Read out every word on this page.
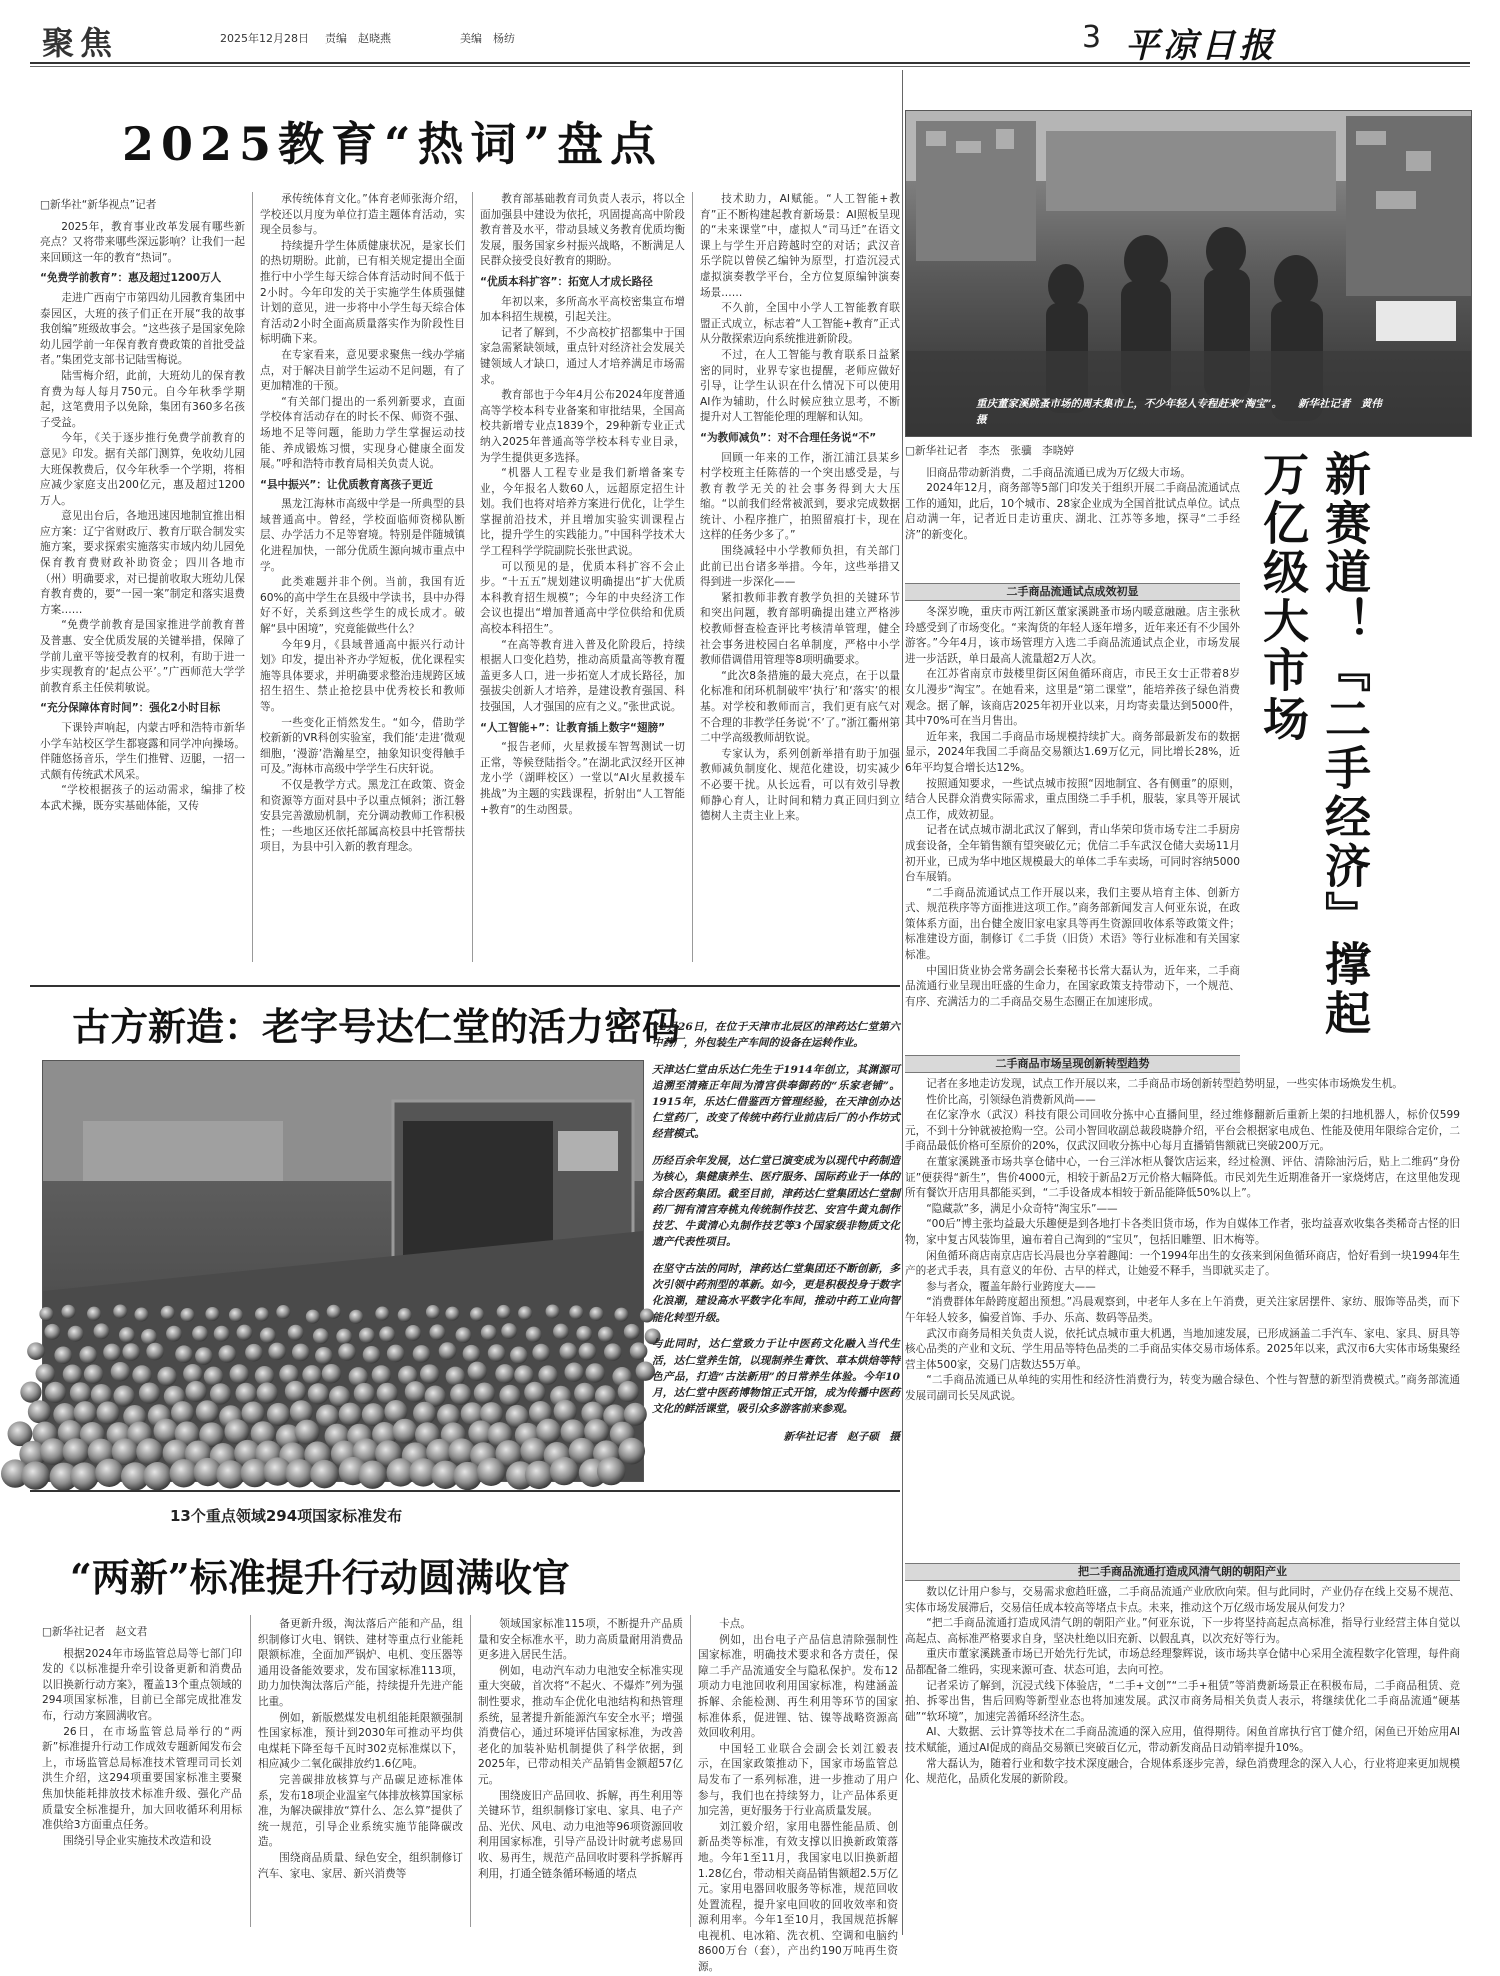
聚焦	2025年12月28日 责编　赵晓燕	美编　杨纺	3 平凉日报
2025教育“热词”盘点

□新华社“新华视点”记者

2025年，教育事业改革发展有哪些新亮点？又将带来哪些深远影响？让我们一起来回顾这一年的教育“热词”。

“免费学前教育”：惠及超过1200万人

走进广西南宁市第四幼儿园教育集团中泰园区，大班的孩子们正在开展“我的故事我创编”班级故事会。“这些孩子是国家免除幼儿园学前一年保育教育费政策的首批受益者。”集团党支部书记陆雪梅说。

陆雪梅介绍，此前，大班幼儿的保育教育费为每人每月750元。自今年秋季学期起，这笔费用予以免除，集团有360多名孩子受益。

今年，《关于逐步推行免费学前教育的意见》印发。据有关部门测算，免收幼儿园大班保教费后，仅今年秋季一个学期，将相应减少家庭支出200亿元，惠及超过1200万人。

意见出台后，各地迅速因地制宜推出相应方案：辽宁省财政厅、教育厅联合制发实施方案，要求探索实施落实市域内幼儿园免保育教育费财政补助资金；四川各地市（州）明确要求，对已提前收取大班幼儿保育教育费的，要“一园一案”制定和落实退费方案……

“免费学前教育是国家推进学前教育普及普惠、安全优质发展的关键举措，保障了学前儿童平等接受教育的权利，有助于进一步实现教育的‘起点公平’。”广西师范大学学前教育系主任侯莉敏说。

“充分保障体育时间”：强化2小时目标

下课铃声响起，内蒙古呼和浩特市新华小学车站校区学生都寝露和同学冲向操场。伴随悠扬音乐，学生们推臂、迈腿，一招一式颇有传统武术风采。

“学校根据孩子的运动需求，编排了校本武术操，既夯实基础体能，又传

承传统体育文化。”体育老师张海介绍，学校还以月度为单位打造主题体育活动，实现全员参与。

持续提升学生体质健康状况，是家长们的热切期盼。此前，已有相关规定提出全面推行中小学生每天综合体育活动时间不低于2小时。今年印发的关于实施学生体质强健计划的意见，进一步将中小学生每天综合体育活动2小时全面高质量落实作为阶段性目标明确下来。

在专家看来，意见要求聚焦一线办学痛点，对于解决目前学生运动不足问题，有了更加精准的干预。

“有关部门提出的一系列新要求，直面学校体育活动存在的时长不保、师资不强、场地不足等问题，能助力学生掌握运动技能、养成锻炼习惯，实现身心健康全面发展。”呼和浩特市教育局相关负责人说。

“县中振兴”：让优质教育离孩子更近

黑龙江海林市高级中学是一所典型的县域普通高中。曾经，学校面临师资梯队断层、办学活力不足等窘境。特别是伴随城镇化进程加快，一部分优质生源向城市重点中学。

此类难题并非个例。当前，我国有近60%的高中学生在县级中学读书，县中办得好不好，关系到这些学生的成长成才。破解“县中困境”，究竟能做些什么？

今年9月，《县域普通高中振兴行动计划》印发，提出补齐办学短板，优化课程实施等具体要求，并明确要求整治违规跨区域招生招生、禁止抢挖县中优秀校长和教师等。

一些变化正悄然发生。“如今，借助学校新新的VR科创实验室，我们能‘走进’微观细胞，‘漫游’浩瀚星空，抽象知识变得触手可及。”海林市高级中学学生石庆轩说。

不仅是教学方式。黑龙江在政策、资金和资源等方面对县中予以重点倾斜；浙江磐安县完善激励机制，充分调动教师工作积极性；一些地区还依托部属高校县中托管帮扶项目，为县中引入新的教育理念。

教育部基础教育司负责人表示，将以全面加强县中建设为依托，巩固提高高中阶段教育普及水平，带动县域义务教育优质均衡发展，服务国家乡村振兴战略，不断满足人民群众接受良好教育的期盼。

“优质本科扩容”：拓宽人才成长路径

年初以来，多所高水平高校密集宣布增加本科招生规模，引起关注。

记者了解到，不少高校扩招都集中于国家急需紧缺领域，重点针对经济社会发展关键领域人才缺口，通过人才培养满足市场需求。

教育部也于今年4月公布2024年度普通高等学校本科专业备案和审批结果，全国高校共新增专业点1839个，29种新专业正式纳入2025年普通高等学校本科专业目录，为学生提供更多选择。

“机器人工程专业是我们新增备案专业，今年报名人数60人，远超原定招生计划。我们也将对培养方案进行优化，让学生掌握前沿技术，并且增加实验实训课程占比，提升学生的实践能力。”中国科学技术大学工程科学学院副院长张世武说。

可以预见的是，优质本科扩容不会止步。“十五五”规划建议明确提出“扩大优质本科教育招生规模”；今年的中央经济工作会议也提出“增加普通高中学位供给和优质高校本科招生”。

“在高等教育进入普及化阶段后，持续根据人口变化趋势，推动高质量高等教育覆盖更多人口，进一步拓宽人才成长路径，加强拔尖创新人才培养，是建设教育强国、科技强国，人才强国的应有之义。”张世武说。

“人工智能+”：让教育插上数字“翅膀”

“报告老师，火星救援车智驾测试一切正常，等候登陆指令。”在湖北武汉经开区神龙小学（湖畔校区）一堂以“AI火星救援车挑战”为主题的实践课程，折射出“人工智能+教育”的生动图景。

技术助力，AI赋能。“人工智能+教育”正不断构建起教育新场景：AI照板呈现的“未来课堂”中，虚拟人“司马迁”在语文课上与学生开启跨越时空的对话；武汉音乐学院以曾侯乙编钟为原型，打造沉浸式虚拟演奏教学平台，全方位复原编钟演奏场景……

不久前，全国中小学人工智能教育联盟正式成立，标志着“人工智能+教育”正式从分散探索迈向系统推进新阶段。

不过，在人工智能与教育联系日益紧密的同时，业界专家也提醒，老师应做好引导，让学生认识在什么情况下可以使用AI作为辅助，什么时候应独立思考，不断提升对人工智能伦理的理解和认知。

“为教师减负”：对不合理任务说“不”

回顾一年来的工作，浙江浦江县某乡村学校班主任陈蓓的一个突出感受是，与教育教学无关的社会事务得到大大压缩。“以前我们经常被派到，要求完成数据统计、小程序推广，拍照留痕打卡，现在这样的任务少多了。”

围绕减轻中小学教师负担，有关部门此前已出台诸多举措。今年，这些举措又得到进一步深化——

紧扣教师非教育教学负担的关键环节和突出问题，教育部明确提出建立严格涉校教师督查检查评比考核清单管理，健全社会事务进校园白名单制度，严格中小学教师借调借用管理等8项明确要求。

“此次8条措施的最大亮点，在于以量化标准和闭环机制破牢‘执行’和‘落实’的根基。对学校和教师而言，我们更有底气对不合理的非教学任务说‘不’了。”浙江衢州第二中学高级教师胡钦说。

专家认为，系列创新举措有助于加强教师减负制度化、规范化建设，切实减少不必要干扰。从长远看，可以有效引导教师静心育人，让时间和精力真正回归到立德树人主责主业上来。

重庆董家溪跳蚤市场的周末集市上，不少年轻人专程赶来“淘宝”。　　新华社记者　黄伟摄

□新华社记者　李杰　张骥　李晓婷

旧商品带动新消费，二手商品流通已成为万亿级大市场。

2024年12月，商务部等5部门印发关于组织开展二手商品流通试点工作的通知，此后，10个城市、28家企业成为全国首批试点单位。试点启动满一年，记者近日走访重庆、湖北、江苏等多地，探寻“二手经济”的新变化。	新赛道！『二手经济』撑起万亿级大市场
二手商品流通试点成效初显

冬深岁晚，重庆市两江新区董家溪跳蚤市场内暖意融融。店主张秋玲感受到了市场变化。“来淘货的年轻人逐年增多，近年来还有不少国外游客。”今年4月，该市场管理方入选二手商品流通试点企业，市场发展进一步活跃，单日最高人流量超2万人次。

在江苏省南京市鼓楼里街区闲鱼循环商店，市民王女士正带着8岁女儿漫步“淘宝”。在她看来，这里是“第二课堂”，能培养孩子绿色消费观念。据了解，该商店2025年初开业以来，月均寄卖量达到5000件，其中70%可在当月售出。

近年来，我国二手商品市场规模持续扩大。商务部最新发布的数据显示，2024年我国二手商品交易额达1.69万亿元，同比增长28%，近6年平均复合增长达12%。

按照通知要求，一些试点城市按照“因地制宜、各有侧重”的原则，结合人民群众消费实际需求，重点围绕二手手机，服装，家具等开展试点工作，成效初显。

记者在试点城市湖北武汉了解到，青山华荣印货市场专注二手厨房成套设备，全年销售额有望突破亿元；优信二手车武汉仓储大卖场11月初开业，已成为华中地区规模最大的单体二手车卖场，可同时容纳5000台车展销。

“二手商品流通试点工作开展以来，我们主要从培育主体、创新方式、规范秩序等方面推进这项工作。”商务部新闻发言人何亚东说，在政策体系方面，出台健全废旧家电家具等再生资源回收体系等政策文件；标准建设方面，制修订《二手货（旧货）术语》等行业标准和有关国家标准。

中国旧货业协会常务副会长秦秘书长常大磊认为，近年来，二手商品流通行业呈现出旺盛的生命力，在国家政策支持带动下，一个规范、有序、充满活力的二手商品交易生态圈正在加速形成。

二手商品市场呈现创新转型趋势

记者在多地走访发现，试点工作开展以来，二手商品市场创新转型趋势明显，一些实体市场焕发生机。

性价比高，引领绿色消费新风尚——

在亿家净水（武汉）科技有限公司回收分拣中心直播间里，经过维修翻新后重新上架的扫地机器人，标价仅599元，不到十分钟就被抢购一空。公司小智回收副总裁段晓静介绍，平台会根据家电成色、性能及使用年限综合定价，二手商品最低价格可至原价的20%，仅武汉回收分拣中心每月直播销售额就已突破200万元。

在董家溪跳蚤市场共享仓储中心，一台三洋冰柜从餐饮店运来，经过检测、评估、清除油污后，贴上二维码“身份证”便获得“新生”，售价4000元，相较于新品2万元价格大幅降低。市民刘先生近期准备开一家烧烤店，在这里他发现所有餐饮开店用具都能买到，“二手设备成本相较于新品能降低50%以上”。

“隐藏款”多，满足小众奇特“淘宝乐”——

“00后”博主张均益最大乐趣便是到各地打卡各类旧货市场，作为自媒体工作者，张均益喜欢收集各类稀奇古怪的旧物，家中复古风装饰里，遍布着自己淘到的“宝贝”，包括旧雕塑、旧木梅等。

闲鱼循环商店南京店店长冯晨也分享着趣闻：一个1994年出生的女孩来到闲鱼循环商店，恰好看到一块1994年生产的老式手表，具有意义的年份、古早的样式，让她爱不释手，当即就买走了。

参与者众，覆盖年龄行业跨度大——

“消费群体年龄跨度超出预想。”冯晨观察到，中老年人多在上午消费，更关注家居摆件、家纺、服饰等品类，而下午年轻人较多，偏爱首饰、手办、乐高、数码等品类。

武汉市商务局相关负责人说，依托试点城市重大机遇，当地加速发展，已形成涵盖二手汽车、家电、家具、厨具等核心品类的产业和文玩、学生用品等特色品类的二手商品实体交易市场体系。2025年以来，武汉市6大实体市场集聚经营主体500家，交易门店数达55万单。

“二手商品流通已从单纯的实用性和经济性消费行为，转变为融合绿色、个性与智慧的新型消费模式。”商务部流通发展司副司长吴凤武说。

把二手商品流通打造成风清气朗的朝阳产业

数以亿计用户参与，交易需求愈趋旺盛，二手商品流通产业欣欣向荣。但与此同时，产业仍存在线上交易不规范、实体市场发展滞后，交易信任成本较高等堵点卡点。未来，推动这个万亿级市场发展从何发力？

“把二手商品流通打造成风清气朗的朝阳产业。”何亚东说，下一步将坚持高起点高标准，指导行业经营主体自觉以高起点、高标准严格要求自身，坚决杜绝以旧充新、以假乱真，以次充好等行为。

重庆市董家溪跳蚤市场已开始先行先试，市场总经理黎辉说，该市场共享仓储中心采用全流程数字化管理，每件商品都配备二维码，实现来源可查、状态可追，去向可控。

记者采访了解到，沉浸式线下体验店，“二手+文创”“二手+租赁”等消费新场景正在积极布局，二手商品租赁、竞拍、拆零出售，售后回购等新型业态也将加速发展。武汉市商务局相关负责人表示，将继续优化二手商品流通“硬基础”“软环境”，加速完善循环经济生态。

AI、大数据、云计算等技术在二手商品流通的深入应用，值得期待。闲鱼首席执行官丁健介绍，闲鱼已开始应用AI技术赋能，通过AI促成的商品交易额已突破百亿元，带动新发商品日动销率提升10%。

常大磊认为，随着行业和数字技术深度融合，合规体系逐步完善，绿色消费理念的深入人心，行业将迎来更加规模化、规范化，品质化发展的新阶段。

古方新造：老字号达仁堂的活力密码

12月26日，在位于天津市北辰区的津药达仁堂第六中药厂，外包装生产车间的设备在运转作业。

天津达仁堂由乐达仁先生于1914年创立，其渊源可追溯至清雍正年间为清宫供奉御药的“乐家老铺”。1915年，乐达仁借鉴西方管理经验，在天津创办达仁堂药厂，改变了传统中药行业前店后厂的小作坊式经营模式。

历经百余年发展，达仁堂已演变成为以现代中药制造为核心，集健康养生、医疗服务、国际药业于一体的综合医药集团。截至目前，津药达仁堂集团达仁堂制药厂拥有清宫寿桃丸传统制作技艺、安宫牛黄丸制作技艺、牛黄清心丸制作技艺等3个国家级非物质文化遗产代表性项目。

在坚守古法的同时，津药达仁堂集团还不断创新，多次引领中药剂型的革新。如今，更是积极投身于数字化浪潮，建设高水平数字化车间，推动中药工业向智能化转型升级。

与此同时，达仁堂致力于让中医药文化融入当代生活，达仁堂养生馆，以现制养生膏饮、草本烘焙等特色产品，打造“古法新用”的日常养生体验。今年10月，达仁堂中医药博物馆正式开馆，成为传播中医药文化的鲜活课堂，吸引众多游客前来参观。

新华社记者　赵子硕　摄

13个重点领域294项国家标准发布
“两新”标准提升行动圆满收官

□新华社记者　赵文君

根据2024年市场监管总局等七部门印发的《以标准提升牵引设备更新和消费品以旧换新行动方案》，覆盖13个重点领域的294项国家标准，目前已全部完成批准发布，行动方案圆满收官。

26日，在市场监管总局举行的“两新”标准提升行动工作成效专题新闻发布会上，市场监管总局标准技术管理司司长刘洪生介绍，这294项重要国家标准主要聚焦加快能耗排放技术标准升级、强化产品质量安全标准提升，加大回收循环利用标准供给3方面重点任务。

围绕引导企业实施技术改造和设

备更新升级，淘汰落后产能和产品，组织制修订火电、钢铁、建材等重点行业能耗限额标准，全面加严锅炉、电机、变压器等通用设备能效要求，发布国家标准113项，助力加快淘汰落后产能，持续提升先进产能比重。

例如，新版燃煤发电机组能耗限额强制性国家标准，预计到2030年可推动平均供电煤耗下降至每千瓦时302克标准煤以下，相应减少二氧化碳排放约1.6亿吨。

完善碳排放核算与产品碳足迹标准体系，发布18项企业温室气体排放核算国家标准，为解决碳排放“算什么、怎么算”提供了统一规范，引导企业系统实施节能降碳改造。

围绕商品质量、绿色安全，组织制修订汽车、家电、家居、新兴消费等

领域国家标准115项，不断提升产品质量和安全标准水平，助力高质量耐用消费品更多进入居民生活。

例如，电动汽车动力电池安全标准实现重大突破，首次将“不起火、不爆炸”列为强制性要求，推动车企优化电池结构和热管理系统，显著提升新能源汽车安全水平；增强消费信心，通过环境评估国家标准，为改善老化的加装补贴机制提供了科学依据，到2025年，已带动相关产品销售金额超57亿元。

围绕废旧产品回收、拆解，再生利用等关键环节，组织制修订家电、家具、电子产品、光伏、风电、动力电池等96项资源回收利用国家标准，引导产品设计时就考虑易回收、易再生，规范产品回收时要科学拆解再利用，打通全链条循环畅通的堵点

卡点。

例如，出台电子产品信息清除强制性国家标准，明确技术要求和各方责任，保障二手产品流通安全与隐私保护。发布12项动力电池回收利用国家标准，构建涵盖拆解、余能检测、再生利用等环节的国家标准体系，促进锂、钴、镍等战略资源高效回收利用。

中国轻工业联合会副会长刘江毅表示，在国家政策推动下，国家市场监管总局发布了一系列标准，进一步推动了用户参与，我们也在持续努力，让产品体系更加完善，更好服务于行业高质量发展。

刘江毅介绍，家用电器性能品质、创新品类等标准，有效支撑以旧换新政策落地。今年1至11月，我国家电以旧换新超1.28亿台，带动相关商品销售额超2.5万亿元。家用电器回收服务等标准，规范回收处置流程，提升家电回收的回收效率和资源利用率。今年1至10月，我国规范拆解电视机、电冰箱、洗衣机、空调和电脑约8600万台（套），产出约190万吨再生资源。
